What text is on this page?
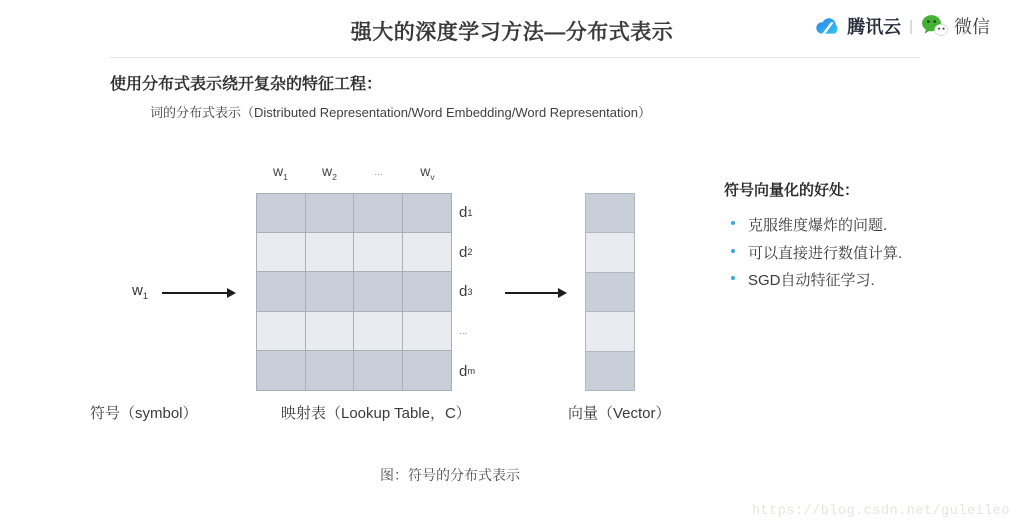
强大的深度学习方法—分布式表示	腾讯云 | 微信
使用分布式表示绕开复杂的特征工程：
词的分布式表示（Distributed Representation/Word Embedding/Word Representation）
$w_1$
$w_1$	$w_2$	...	$w_v$
d 1
d 2
d 3
...
d m
符号（symbol）	映射表（Lookup Table，C）	向量（Vector）
符号向量化的好处：
克服维度爆炸的问题.
可以直接进行数值计算.
SGD自动特征学习.
图：符号的分布式表示
https://blog.csdn.net/guleileo
